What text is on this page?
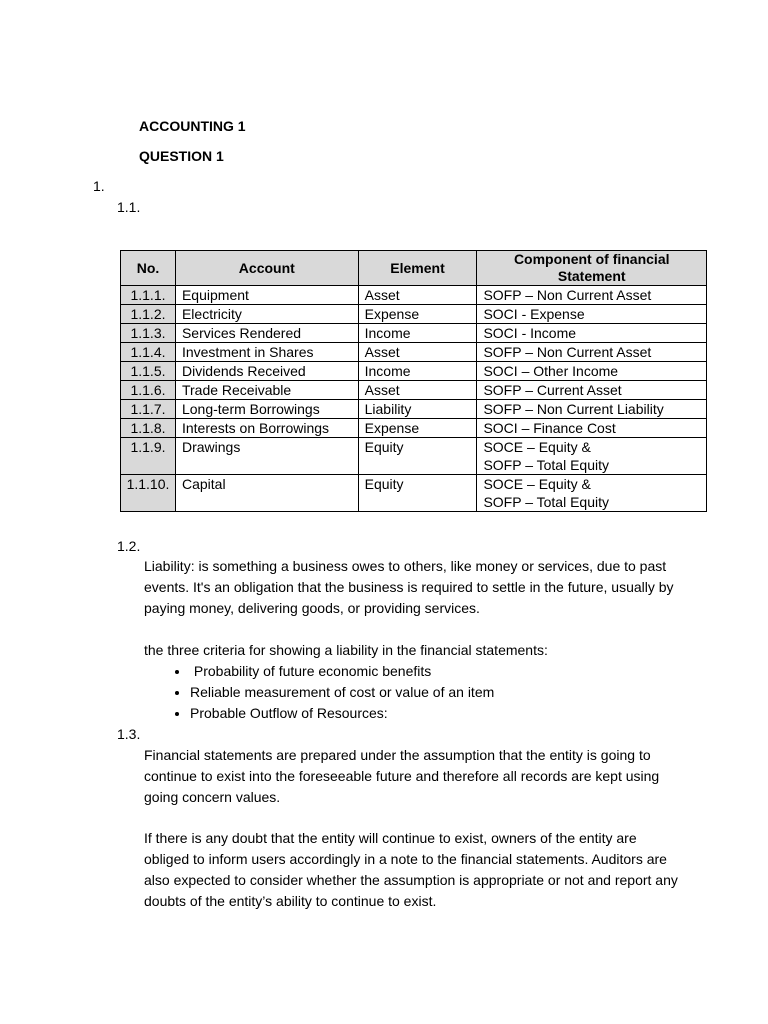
ACCOUNTING 1
QUESTION 1
1.
1.1.
No.	Account	Element	Component of financial Statement
1.1.1.	Equipment	Asset	SOFP – Non Current Asset
1.1.2.	Electricity	Expense	SOCI - Expense
1.1.3.	Services Rendered	Income	SOCI - Income
1.1.4.	Investment in Shares	Asset	SOFP – Non Current Asset
1.1.5.	Dividends Received	Income	SOCI – Other Income
1.1.6.	Trade Receivable	Asset	SOFP – Current Asset
1.1.7.	Long-term Borrowings	Liability	SOFP – Non Current Liability
1.1.8.	Interests on Borrowings	Expense	SOCI – Finance Cost
1.1.9.	Drawings	Equity	SOCE – Equity &
SOFP – Total Equity

1.1.10.	Capital	Equity	SOCE – Equity &
SOFP – Total Equity
1.2.
Liability: is something a business owes to others, like money or services, due to past events. It's an obligation that the business is required to settle in the future, usually by paying money, delivering goods, or providing services.
the three criteria for showing a liability in the financial statements:
•  Probability of future economic benefits
• Reliable measurement of cost or value of an item
• Probable Outflow of Resources:
1.3.
Financial statements are prepared under the assumption that the entity is going to continue to exist into the foreseeable future and therefore all records are kept using going concern values.
If there is any doubt that the entity will continue to exist, owners of the entity are obliged to inform users accordingly in a note to the financial statements. Auditors are also expected to consider whether the assumption is appropriate or not and report any doubts of the entity’s ability to continue to exist.
